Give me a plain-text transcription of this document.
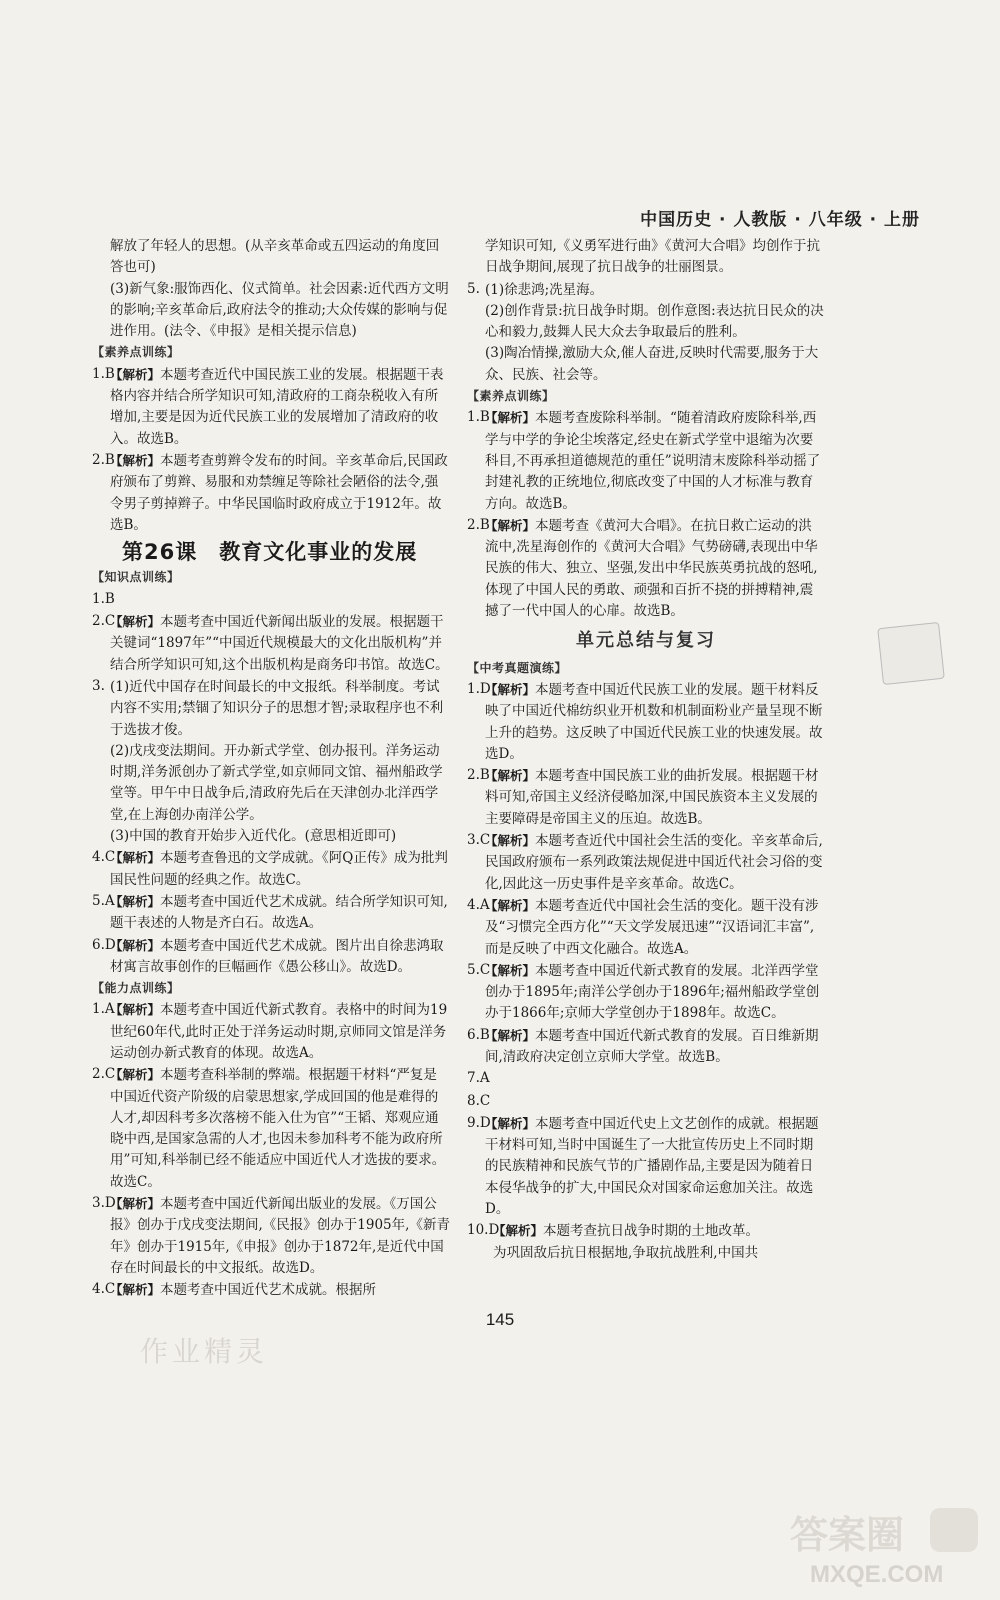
中国历史 · 人教版 · 八年级 · 上册

解放了年轻人的思想。(从辛亥革命或五四运动的角度回答也可)

(3)新气象:服饰西化、仪式简单。社会因素:近代西方文明的影响;辛亥革命后,政府法令的推动;大众传媒的影响与促进作用。(法令、《申报》是相关提示信息)

【素养点训练】

1.B
【解析】本题考查近代中国民族工业的发展。根据题干表格内容并结合所学知识可知,清政府的工商杂税收入有所增加,主要是因为近代民族工业的发展增加了清政府的收入。故选B。
2.B
【解析】本题考查剪辫令发布的时间。辛亥革命后,民国政府颁布了剪辫、易服和劝禁缠足等除社会陋俗的法令,强令男子剪掉辫子。中华民国临时政府成立于1912年。故选B。
第26课　教育文化事业的发展

【知识点训练】

1.B

2.C
【解析】本题考查中国近代新闻出版业的发展。根据题干关键词“1897年”“中国近代规模最大的文化出版机构”并结合所学知识可知,这个出版机构是商务印书馆。故选C。
3. (1)近代中国存在时间最长的中文报纸。科举制度。考试内容不实用;禁锢了知识分子的思想才智;录取程序也不利于选拔才俊。

(2)戊戌变法期间。开办新式学堂、创办报刊。洋务运动时期,洋务派创办了新式学堂,如京师同文馆、福州船政学堂等。甲午中日战争后,清政府先后在天津创办北洋西学堂,在上海创办南洋公学。

(3)中国的教育开始步入近代化。(意思相近即可)

4.C
【解析】本题考查鲁迅的文学成就。《阿Q正传》成为批判国民性问题的经典之作。故选C。
5.A
【解析】本题考查中国近代艺术成就。结合所学知识可知,题干表述的人物是齐白石。故选A。
6.D
【解析】本题考查中国近代艺术成就。图片出自徐悲鸿取材寓言故事创作的巨幅画作《愚公移山》。故选D。

【能力点训练】

1.A
【解析】本题考查中国近代新式教育。表格中的时间为19世纪60年代,此时正处于洋务运动时期,京师同文馆是洋务运动创办新式教育的体现。故选A。
2.C
【解析】本题考查科举制的弊端。根据题干材料“严复是中国近代资产阶级的启蒙思想家,学成回国的他是难得的人才,却因科考多次落榜不能入仕为官”“王韬、郑观应通晓中西,是国家急需的人才,也因未参加科考不能为政府所用”可知,科举制已经不能适应中国近代人才选拔的要求。故选C。
3.D
【解析】本题考查中国近代新闻出版业的发展。《万国公报》创办于戊戌变法期间,《民报》创办于1905年,《新青年》创办于1915年,《申报》创办于1872年,是近代中国存在时间最长的中文报纸。故选D。
4.C
【解析】本题考查中国近代艺术成就。根据所

学知识可知,《义勇军进行曲》《黄河大合唱》均创作于抗日战争期间,展现了抗日战争的壮丽图景。

5. (1)徐悲鸿;冼星海。

(2)创作背景:抗日战争时期。创作意图:表达抗日民众的决心和毅力,鼓舞人民大众去争取最后的胜利。

(3)陶冶情操,激励大众,催人奋进,反映时代需要,服务于大众、民族、社会等。

【素养点训练】

1.B
【解析】本题考查废除科举制。“随着清政府废除科举,西学与中学的争论尘埃落定,经史在新式学堂中退缩为次要科目,不再承担道德规范的重任”说明清末废除科举动摇了封建礼教的正统地位,彻底改变了中国的人才标准与教育方向。故选B。
2.B
【解析】本题考查《黄河大合唱》。在抗日救亡运动的洪流中,冼星海创作的《黄河大合唱》气势磅礴,表现出中华民族的伟大、独立、坚强,发出中华民族英勇抗战的怒吼,体现了中国人民的勇敢、顽强和百折不挠的拼搏精神,震撼了一代中国人的心扉。故选B。
单元总结与复习

【中考真题演练】

1.D
【解析】本题考查中国近代民族工业的发展。题干材料反映了中国近代棉纺织业开机数和机制面粉业产量呈现不断上升的趋势。这反映了中国近代民族工业的快速发展。故选D。
2.B
【解析】本题考查中国民族工业的曲折发展。根据题干材料可知,帝国主义经济侵略加深,中国民族资本主义发展的主要障碍是帝国主义的压迫。故选B。
3.C
【解析】本题考查近代中国社会生活的变化。辛亥革命后,民国政府颁布一系列政策法规促进中国近代社会习俗的变化,因此这一历史事件是辛亥革命。故选C。
4.A
【解析】本题考查近代中国社会生活的变化。题干没有涉及“习惯完全西方化”“天文学发展迅速”“汉语词汇丰富”,而是反映了中西文化融合。故选A。
5.C
【解析】本题考查中国近代新式教育的发展。北洋西学堂创办于1895年;南洋公学创办于1896年;福州船政学堂创办于1866年;京师大学堂创办于1898年。故选C。
6.B
【解析】本题考查中国近代新式教育的发展。百日维新期间,清政府决定创立京师大学堂。故选B。
7.A

8.C

9.D
【解析】本题考查中国近代史上文艺创作的成就。根据题干材料可知,当时中国诞生了一大批宣传历史上不同时期的民族精神和民族气节的广播剧作品,主要是因为随着日本侵华战争的扩大,中国民众对国家命运愈加关注。故选D。
10.D
【解析】本题考查抗日战争时期的土地改革。

为巩固敌后抗日根据地,争取抗战胜利,中国共

145
作业精灵
答案圈
MXQE.COM
